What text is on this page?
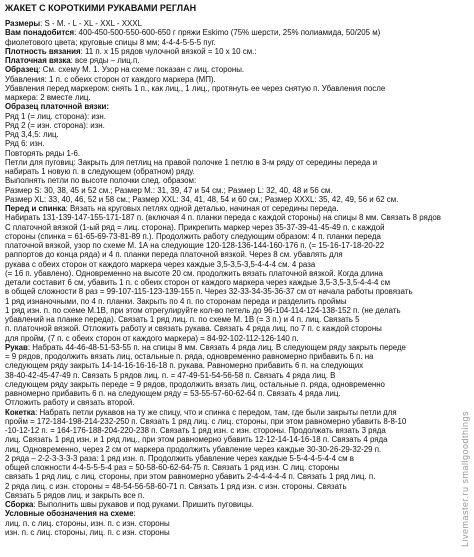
ЖАКЕТ С КОРОТКИМИ РУКАВАМИ РЕГЛАН
Размеры: S - M. - L - XL - XXL - XXXL
Вам понадобится: 400-450-500-550-600-650 г пряжи Eskimo (75% шерсти, 25% полиамида, 50/205 м)
фиолетового цвета; круговые спицы 8 мм; 4-4-4-5-5-5 пуг.
Плотность вязания: 11 п. x 15 рядов чулочной вязкой = 10 x 10 см.:
Платочная вязка: все ряды – лиц.п.
Образец: См. схему М. 1. Узор на схеме показан с лиц. стороны.
Убавления: 1 п. с обеих сторон от каждого маркера (МП).
Убавления перед маркером: снять 1 п., как лиц., 1 лиц., протянуть ее через снятую п. Убавления после
маркера: 2 вместе лиц.
Образец платочной вязки:
Ряд 1 (= лиц. сторона): изн.
Ряд 2 (= изн. сторона): изн.
Ряд 3,4,5: лиц.
Ряд 6: изн.
Повторять ряды 1-6.
Петли для пуговиц: Закрыть для петлиц на правой полочке 1 петлю в 3-м ряду от середины переда и
набирать 1 новую п. в следующем (обратном) ряду.
Выполнять петли по высоте полочки след. образом:
Размер S: 30, 38, 45 и 52 см.; Размер M.: 31, 39, 47 и 54 см.; Размер L: 32, 40, 48 и 56 см.
Размер XL: 33, 40, 46, 52 и 58 см.; Размер XXL: 34, 41, 48, 54 и 60 см.; Размер XXXL: 35, 42, 49, 56 и 62 см.
Перед и спинка: Вязать на круговых петлях одной деталью, начиная от середины переда.
Набирать 131-139-147-155-171-187 п. (включая 4 п. планки переда с каждой стороны) на спицы 8 мм. Связать 8 рядов
С платочной вязкой (1-ый ряд = лиц. сторона). Прикрепить маркер через 35-37-39-41-45-49 п. с каждой
стороны (спинка = 61-65-69-73-81-89 п.). Продолжить работу следующим образом: 4 п. планки переда
платочной вязкой, узор по схеме М. 1А на следующие 120-128-136-144-160-176 п. (= 15-16-17-18-20-22
раппортов до конца ряда) и 4 п. планки переда платочной вязкой. Через 8 см. убавлять для
рукава с обеих сторон от каждого маркера через каждые 3,5-3,5-3,5-4-4-4 см. 4 раза
(= 16 п. убавлено). Одновременно на высоте 20 см. продолжить вязать платочной вязкой. Когда длина
детали составит 6 см, убавить 1 п. с обеих сторон от каждого маркера через каждые 3,5-3,5-3,5-4-4-4 см
в общей сложности 8 раз = 99-107-115-123-139-155 п. Через 32-33-34-35-36-37 см от начала работы провязать
1 ряд изнаночными, по 4 п. планки. Закрыть по 4 п. по сторонам переда и разделить проймы
1 ряд изн. п. по схеме М.1В, при этом отрегулируйте кол-во петель до 96-104-114-124-138-152 п. (не делать
убавлений на планке переда). Связать 1 ряд лиц. п. по схеме М. 1В (= 3 п.) и 4 п. лиц. Связать 5
п. платочной вязкой. Отложить работу и связать рукава. Связать 4 ряда лиц. по 7 п. с каждой стороны
для пройм, (7 п. с обеих сторон от каждого маркера) = 84-92-102-112-126-140 п.
Рукав: Набрать 44-46-48-51-53-55 п. на спицы 8 мм. Связать 4 ряда лиц. В следующем ряду закрыть переде
= 9 рядов, продолжить вязать лиц, остальные п. ряда, одновременно равномерно прибавить 6 п. на
следующем ряду закрыть 14-14-16-16-16-18 п. рукава. Равномерно прибавить 6 п. на следующих
38-40-42-45-47-49 п. Связать 5 рядов лиц. п. = 47-49-51-54-56-58 п. Связать 4 ряда лиц. В
следующем ряду закрыть переде = 9 рядов, продолжить вязать лиц, остальные п. ряда, одновременно
равномерно прибавить 6 п. на следующем ряду = 53-55-57-60-62-64 п. Связать 4 ряда лиц.
Отложить работу и связать второй.
Кокетка: Набрать петли рукавов на ту же спицу, что и спинка с передом, там, где были закрыты петли для
пройм = 172-184-198-214-232-250 п. Связать 1 ряд лиц. с лиц. стороны, при этом равномерно убавить 8-8-10
-10-12-12 п. = 164-176-188-204-220-238 п. Связать 1 ряд изн. с изн. стороны. Продолжать вязать 3 ряда
лиц. Связать 1 ряд изн. и 1 ряд лиц., при этом равномерно убавить 12-12-14-14-16-18 п. Связать 4 ряда
лиц. Одновременно, через 2 см от маркера продолжить убавление через каждые 30-30-26-29-32-29 п.
2 ряда – 2-2-3-3-3-3 раза: 1 ряд изн. п. Продолжить убавление через каждые 5-5-4-4-5-4-4 см в
общей сложности 4-4-5-5-5-4 раз = 50-58-60-62-64-75 п. Связать 1 ряд изн. С лиц. стороны
связать 1 ряд лиц. с лиц. стороны, при этом равномерно убавить 2-4-4-4-4-4 п. Связать 1 ряд лиц. п.
2 ряда лиц. с изн. стороны = 48-54-56-58-60-71 п. Связать 1 ряд изн. с изн. стороны. Связать
Связать 5 рядов лиц. и закрыть все п.
Сборка: Выполнить швы рукавов и под руками. Пришить пуговицы.
Условные обозначения на схеме:
лиц. п. с лиц. стороны, изн. п. с изн. стороны
изн. п. с лиц. стороны, лиц. п. с изн. стороны	Livemaster.ru smallgoodthings
